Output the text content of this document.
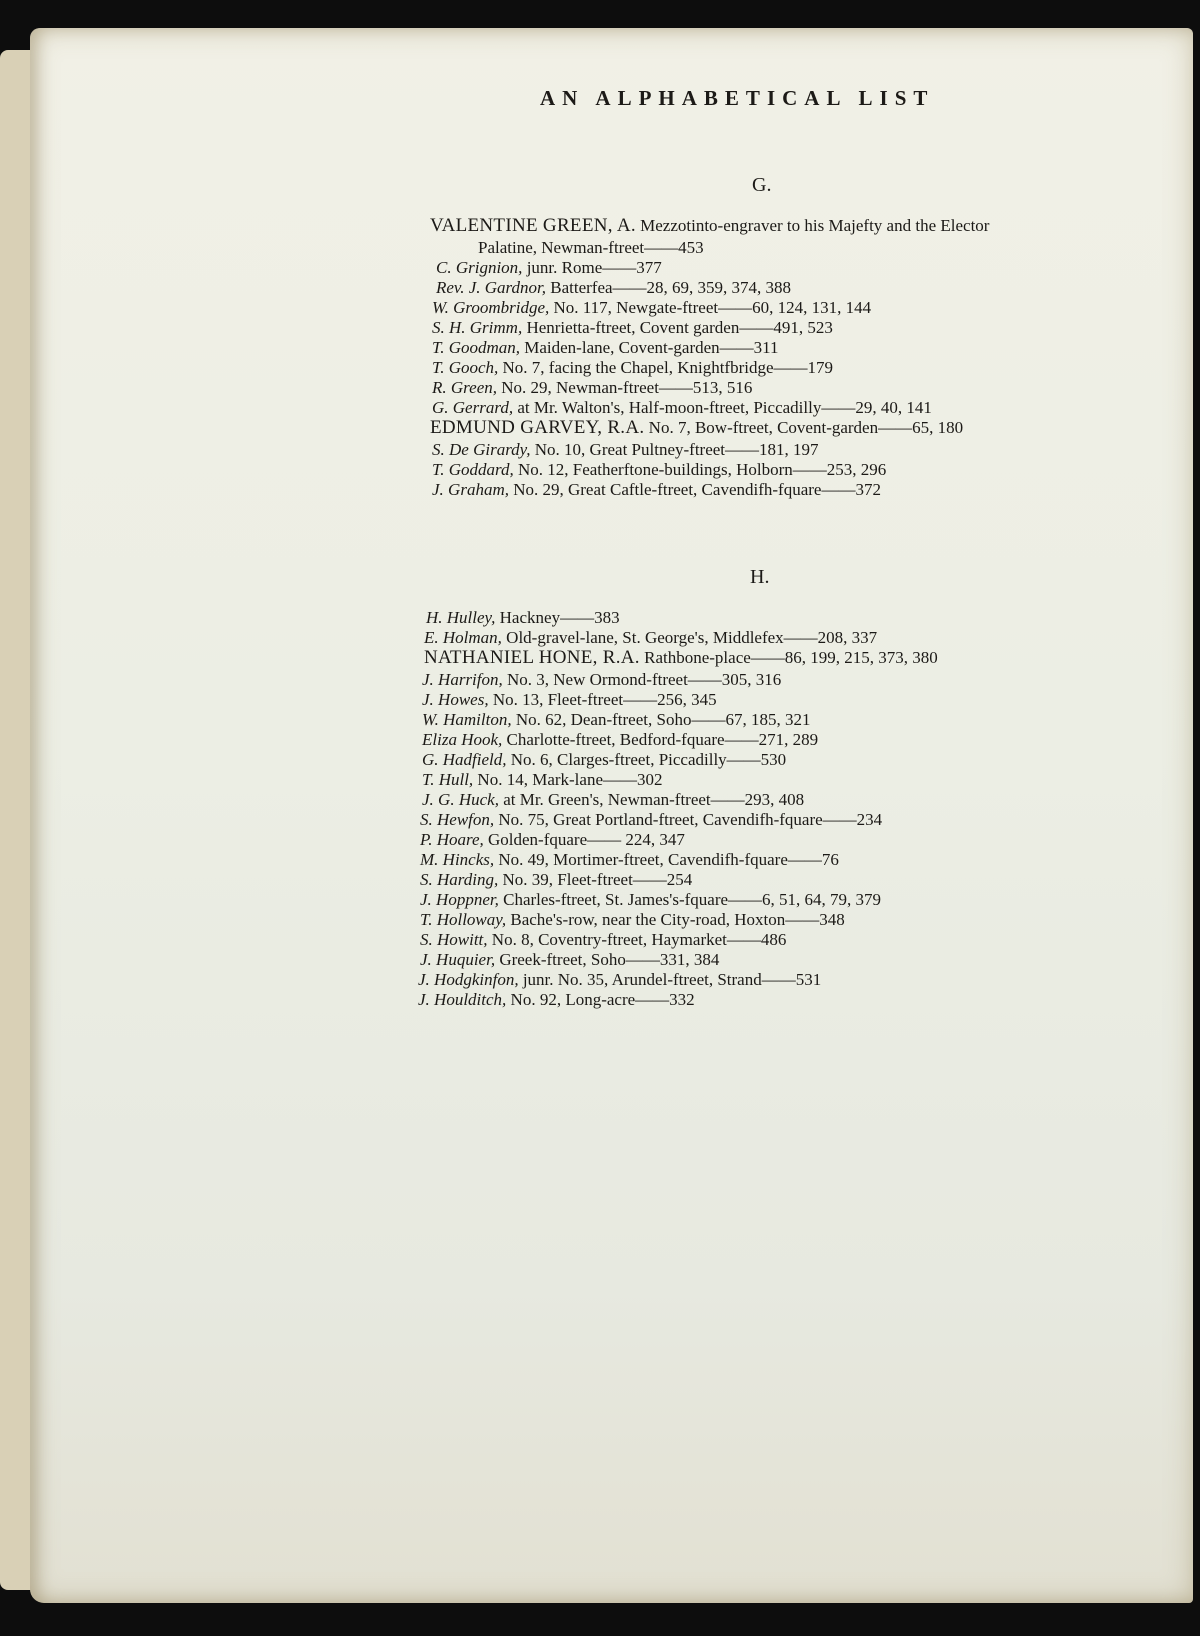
AN ALPHABETICAL LIST
G.
VALENTINE GREEN, A. Mezzotinto-engraver to his Majefty and the Elector
Palatine, Newman-ftreet——453
C. Grignion, junr. Rome——377
Rev. J. Gardnor, Batterfea——28, 69, 359, 374, 388
W. Groombridge, No. 117, Newgate-ftreet——60, 124, 131, 144
S. H. Grimm, Henrietta-ftreet, Covent garden——491, 523
T. Goodman, Maiden-lane, Covent-garden——311
T. Gooch, No. 7, facing the Chapel, Knightfbridge——179
R. Green, No. 29, Newman-ftreet——513, 516
G. Gerrard, at Mr. Walton's, Half-moon-ftreet, Piccadilly——29, 40, 141
EDMUND GARVEY, R.A. No. 7, Bow-ftreet, Covent-garden——65, 180
S. De Girardy, No. 10, Great Pultney-ftreet——181, 197
T. Goddard, No. 12, Featherftone-buildings, Holborn——253, 296
J. Graham, No. 29, Great Caftle-ftreet, Cavendifh-fquare——372
H.
H. Hulley, Hackney——383
E. Holman, Old-gravel-lane, St. George's, Middlefex——208, 337
NATHANIEL HONE, R.A. Rathbone-place——86, 199, 215, 373, 380
J. Harrifon, No. 3, New Ormond-ftreet——305, 316
J. Howes, No. 13, Fleet-ftreet——256, 345
W. Hamilton, No. 62, Dean-ftreet, Soho——67, 185, 321
Eliza Hook, Charlotte-ftreet, Bedford-fquare——271, 289
G. Hadfield, No. 6, Clarges-ftreet, Piccadilly——530
T. Hull, No. 14, Mark-lane——302
J. G. Huck, at Mr. Green's, Newman-ftreet——293, 408
S. Hewfon, No. 75, Great Portland-ftreet, Cavendifh-fquare——234
P. Hoare, Golden-fquare—— 224, 347
M. Hincks, No. 49, Mortimer-ftreet, Cavendifh-fquare——76
S. Harding, No. 39, Fleet-ftreet——254
J. Hoppner, Charles-ftreet, St. James's-fquare——6, 51, 64, 79, 379
T. Holloway, Bache's-row, near the City-road, Hoxton——348
S. Howitt, No. 8, Coventry-ftreet, Haymarket——486
J. Huquier, Greek-ftreet, Soho——331, 384
J. Hodgkinfon, junr. No. 35, Arundel-ftreet, Strand——531
J. Houlditch, No. 92, Long-acre——332
